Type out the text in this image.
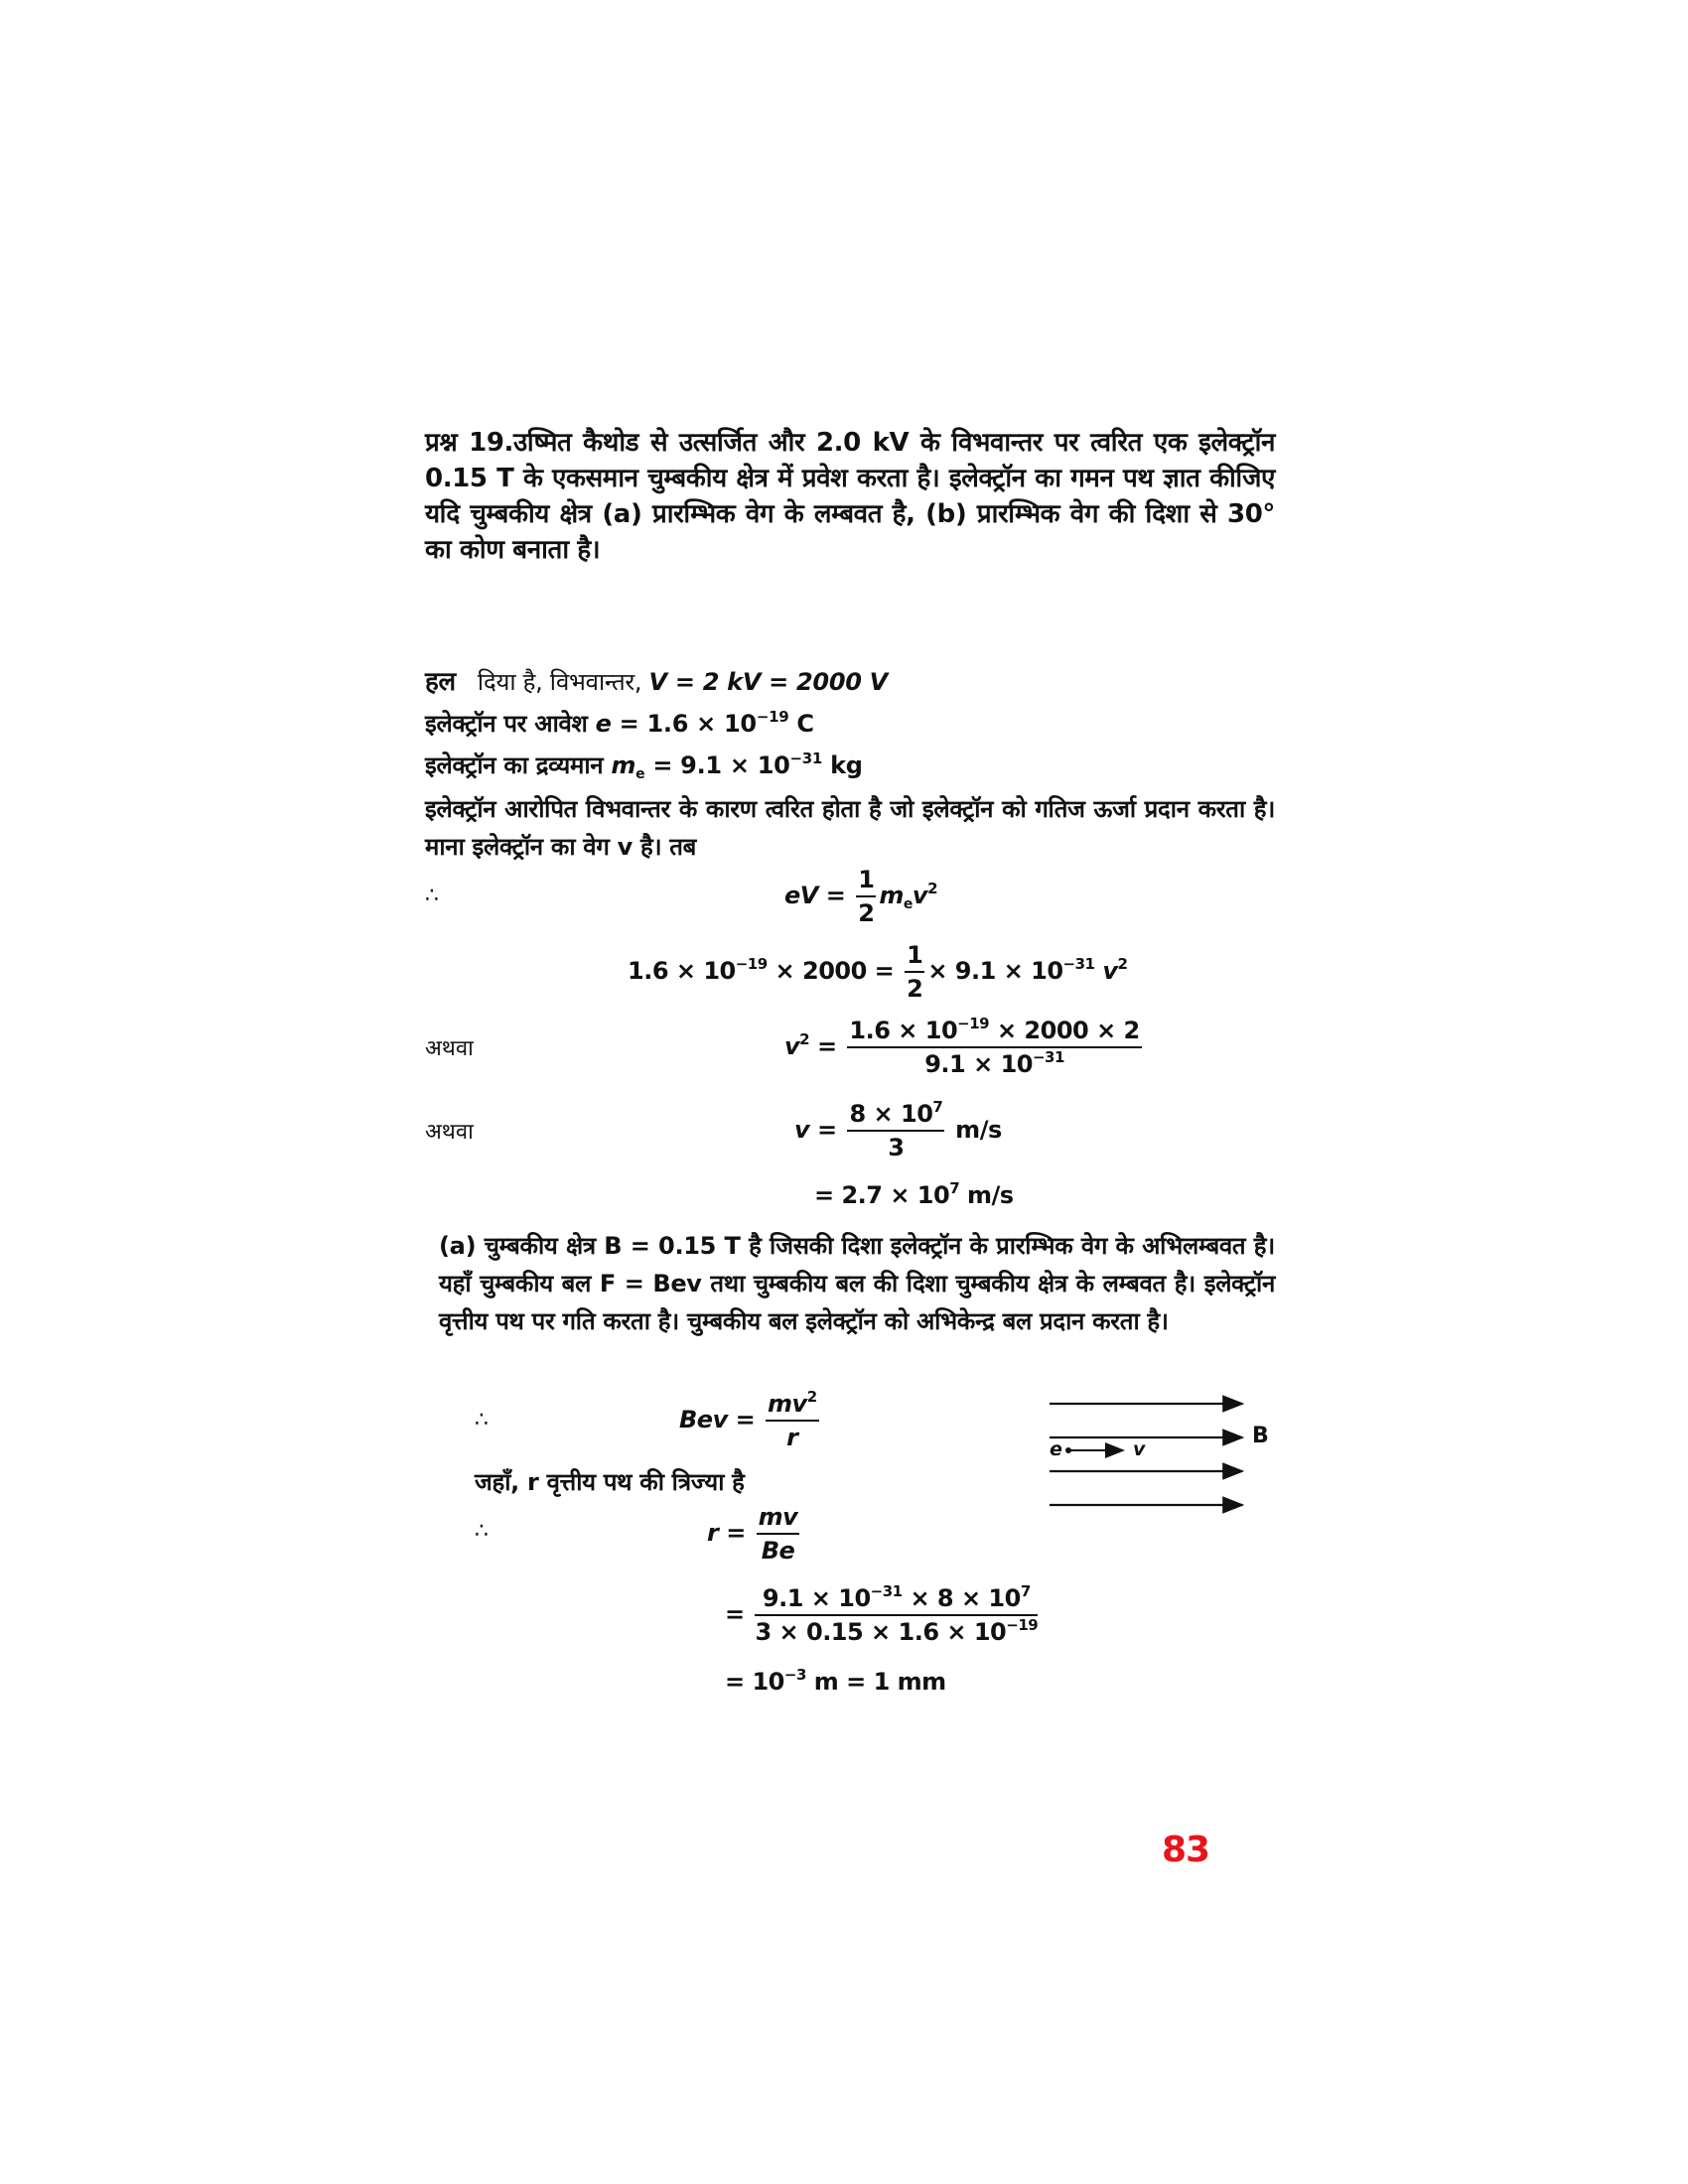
प्रश्न 19.उष्मित कैथोड से उत्सर्जित और 2.0 kV के विभवान्तर पर त्वरित एक इलेक्ट्रॉन 0.15 T के एकसमान चुम्बकीय क्षेत्र में प्रवेश करता है। इलेक्ट्रॉन का गमन पथ ज्ञात कीजिए यदि चुम्बकीय क्षेत्र (a) प्रारम्भिक वेग के लम्बवत है, (b) प्रारम्भिक वेग की दिशा से 30° का कोण बनाता है।
हल दिया है, विभवान्तर, V = 2 kV = 2000 V
इलेक्ट्रॉन पर आवेश $e = 1.6 \times 10^{-19}$ C
इलेक्ट्रॉन का द्रव्यमान $m_e = 9.1 \times 10^{-31}$ kg
इलेक्ट्रॉन आरोपित विभवान्तर के कारण त्वरित होता है जो इलेक्ट्रॉन को गतिज ऊर्जा प्रदान करता है। माना इलेक्ट्रॉन का वेग v है। तब
∴	eV = $\frac{1}{2} m_ev^2$
$1.6 \times 10^{-19} \times 2000 = \frac{1}{2} \times 9.1 \times 10^{-31}$ $v^2$
अथवा	$v^2 = \frac{1.6 \times 10^{-19} \times 2000 \times 2}{9.1 \times 10^{-31}}$
अथवा	$v = \frac{8 \times 10^7}{3} m/s$
= $2.7 \times 10^7$ m/s
(a) चुम्बकीय क्षेत्र B = 0.15 T है जिसकी दिशा इलेक्ट्रॉन के प्रारम्भिक वेग के अभिलम्बवत है। यहाँ चुम्बकीय बल F = Bev तथा चुम्बकीय बल की दिशा चुम्बकीय क्षेत्र के लम्बवत है। इलेक्ट्रॉन वृत्तीय पथ पर गति करता है। चुम्बकीय बल इलेक्ट्रॉन को अभिकेन्द्र बल प्रदान करता है।
∴	Bev = $\frac{mv^2}{r}$
जहाँ, r वृत्तीय पथ की त्रिज्या है
∴	$r = \frac{mv}{Be}$
= $\frac{9.1 \times 10^{-31} \times 8 \times 10^7}{3 \times 0.15 \times 1.6 \times 10^{-19}}$
= $10^{-3}$ m = 1 mm
e	v
B
83
